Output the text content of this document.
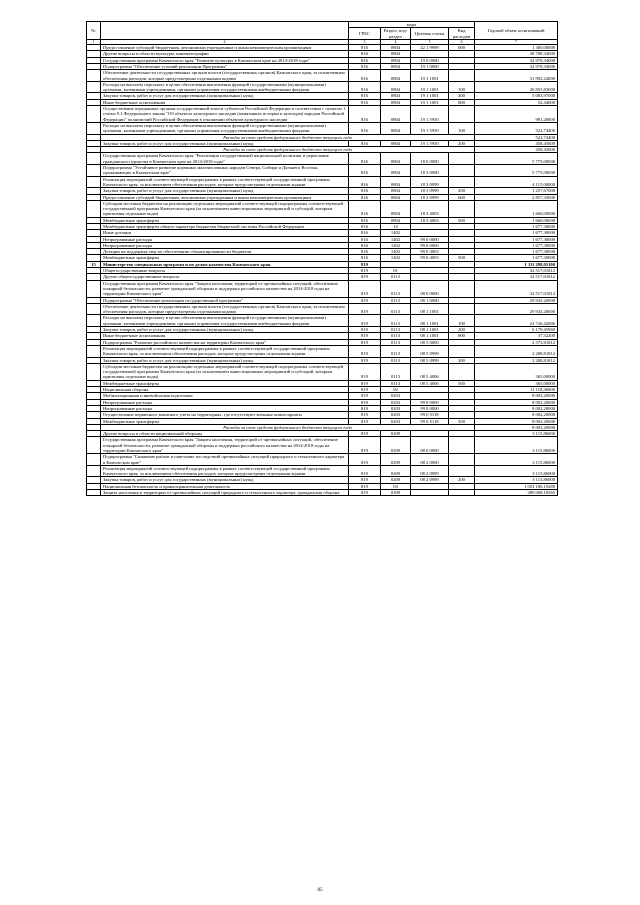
№		коды				Годовой объем ассигнований
		ГРБС	Раздел, под-раздел	Целевая статья	Вид расходов	
1	2	3	4	5	6	7
	Предоставление субсидий бюджетным, автономным учреждениям и иным некоммерческим организациям	816	0804	22 1 9999	600	1 300,00000
	Другие вопросы в области культуры, кинематографии	816	0804			38 788,34000
	Государственная программа Камчатского края "Развитие культуры в Камчатском крае на 2014-2018 годы"	816	0804	19 0 0000		32 978,34000
	Подпрограмма "Обеспечение условий реализации Программы"	816	0804	19 1 0000		32 978,34000
	Обеспечение деятельности государственных органов власти (государственных органов) Камчатского края, за исключением обеспечения расходов, которые предусмотрены отдельными кодами	816	0804	19 1 1001		31 992,24000
	Расходы на выплаты персоналу в целях обеспечения выполнения функций государственными (муниципальными) органами, казенными учреждениями, органами управления государственными внебюджетными фондами	816	0804	19 1 1001	100	26 855,83000
	Закупка товаров, работ и услуг для государственных (муниципальных) нужд	816	0804	19 1 1001	200	5 083,97000
	Иные бюджетные ассигнования	816	0804	19 1 1001	800	52,44000
	Осуществление переданных органам государственной власти субъектов Российской Федерации в соответствии с пунктом 1 статьи 9.1 Федерального закона "Об объектах культурного наследия (памятниках истории и культуры) народов Российской Федерации" полномочий Российской Федерации в отношении объектов культурного наследия	816	0804	19 1 5950		981,20000
	Расходы на выплаты персоналу в целях обеспечения выполнения функций государственными (муниципальными) органами, казенными учреждениями, органами управления государственными внебюджетными фондами	816	0804	19 1 5950	100	522,74400
	Расходы за счет средств федерального бюджета текущего года					522,74400
	Закупка товаров, работ и услуг для государственных (муниципальных) нужд	816	0804	19 1 5950	200	458,45600
	Расходы за счет средств федерального бюджета текущего года					458,45600
	Государственная программа Камчатского края "Реализация государственной национальной политики и укрепление гражданского единства в Камчатском крае на 2014-2018 годы"	816	0804	18 0 0000		5 775,00000
	Подпрограмма "Устойчивое развитие коренных малочисленных народов Севера, Сибири и Дальнего Востока, проживающих в Камчатском крае"	816	0804	18 3 0000		5 775,00000
	Реализация мероприятий соответствующей подпрограммы в рамках соответствующей государственной программы Камчатского края, за исключением обеспечения расходов, которые предусмотрены отдельными кодами	816	0804	18 3 0999		4 115,00000
	Закупка товаров, работ и услуг для государственных (муниципальных) нужд	816	0804	18 3 0999	200	1 257,67000
	Предоставление субсидий бюджетным, автономным учреждениям и иным некоммерческим организациям	816	0804	18 3 0999	600	2 857,33000
	Субсидии местным бюджетам на реализацию отдельных мероприятий соответствующей подпрограммы соответствующей государственной программы Камчатского края (за исключением инвестиционных мероприятий и субсидий, которым присвоены отдельные коды)	816	0804	18 3 4003		1 660,00000
	Межбюджетные трансферты	816	0804	18 3 4003	500	1 660,00000
	Межбюджетные трансферты общего характера бюджетам бюджетной системы Российской Федерации	816	14			1 677,30000
	Иные дотации	816	1402			1 677,30000
	Непрограммные расходы	816	1402	99 0 0000		1 677,30000
	Непрограммные расходы	816	1402	99 0 0000		1 677,30000
	Дотации на поддержку мер по обеспечению сбалансированности бюджетов	816	1402	99 0 4003		1 677,30000
	Межбюджетные трансферты	816	1402	99 0 4003	500	1 677,30000
15	Министерство специальных программ и по делам казачества Камчатского края	819				1 111 298,05100
	Общегосударственные вопросы	819	01			32 517,01812
	Другие общегосударственные вопросы	819	0113			32 517,01812
	Государственная программа Камчатского края "Защита населения, территорий от чрезвычайных ситуаций, обеспечение пожарной безопасности, развитие гражданской обороны и поддержка российского казачества на 2014-2018 годы на территории Камчатского края"	819	0113	08 0 0000		32 517,01812
	Подпрограмма "Обеспечение реализации государственной программы"	819	0113	08 1 0000		29 943,20000
	Обеспечение деятельности государственных органов власти (государственных органов) Камчатского края, за исключением обеспечения расходов, которые предусмотрены отдельными кодами	819	0113	08 1 1001		29 943,20000
	Расходы на выплаты персоналу в целях обеспечения выполнения функций государственными (муниципальными) органами, казенными учреждениями, органами управления государственными внебюджетными фондами	819	0113	08 1 1001	100	23 726,42000
	Закупка товаров, работ и услуг для государственных (муниципальных) нужд	819	0113	08 1 1001	200	6 179,45960
	Иные бюджетные ассигнования	819	0113	08 1 1001	800	37,32200
	Подпрограмма "Развитие российского казачества на территории Камчатского края"	819	0113	08 5 0000		2 573,81812
	Реализация мероприятий соответствующей подпрограммы в рамках соответствующей государственной программы Камчатского края, за исключением обеспечения расходов, которые предусмотрены отдельными кодами	819	0113	08 5 0999		2 208,81812
	Закупка товаров, работ и услуг для государственных (муниципальных) нужд	819	0113	08 5 0999	200	2 208,81812
	Субсидии местным бюджетам на реализацию отдельных мероприятий соответствующей подпрограммы соответствующей государственной программы Камчатского края (за исключением инвестиционных мероприятий и субсидий, которым присвоены отдельные коды)	819	0113	08 5 4006		365,00000
	Межбюджетные трансферты	819	0113	08 5 4006	500	365,00000
	Национальная оборона	819	02			11 118,36000
	Мобилизационная и вневойсковая подготовка	819	0203			8 002,20000
	Непрограммные расходы	819	0203	99 0 0000		8 002,20000
	Непрограммные расходы	819	0203	99 0 0000		8 002,20000
	Осуществление первичного воинского учета на территориях, где отсутствуют военные комиссариаты	819	0203	99 0 5118		8 002,20000
	Межбюджетные трансферты	819	0203	99 0 5118	500	8 002,20000
	Расходы за счет средств федерального бюджета текущего года					8 002,20000
	Другие вопросы в области национальной обороны	819	0209			3 115,86000
	Государственная программа Камчатского края "Защита населения, территорий от чрезвычайных ситуаций, обеспечение пожарной безопасности, развитие гражданской обороны и поддержка российского казачества на 2014-2018 годы на территории Камчатского края"	819	0209	08 0 0000		3 115,86000
	Подпрограмма "Снижение рисков и смягчение последствий чрезвычайных ситуаций природного и техногенного характера в Камчатском крае"	819	0209	08 2 0000		3 115,86000
	Реализация мероприятий соответствующей подпрограммы в рамках соответствующей государственной программы Камчатского края, за исключением обеспечения расходов, которые предусмотрены отдельными кодами	819	0209	08 2 0999		3 115,86000
	Закупка товаров, работ и услуг для государственных (муниципальных) нужд	819	0209	08 2 0999	200	3 115,86000
	Национальная безопасность и правоохранительная деятельность	819	03			1 053 186,19288
	Защита населения и территории от чрезвычайных ситуаций природного и техногенного характера, гражданская оборона	819	0309			389 068,10565
85
